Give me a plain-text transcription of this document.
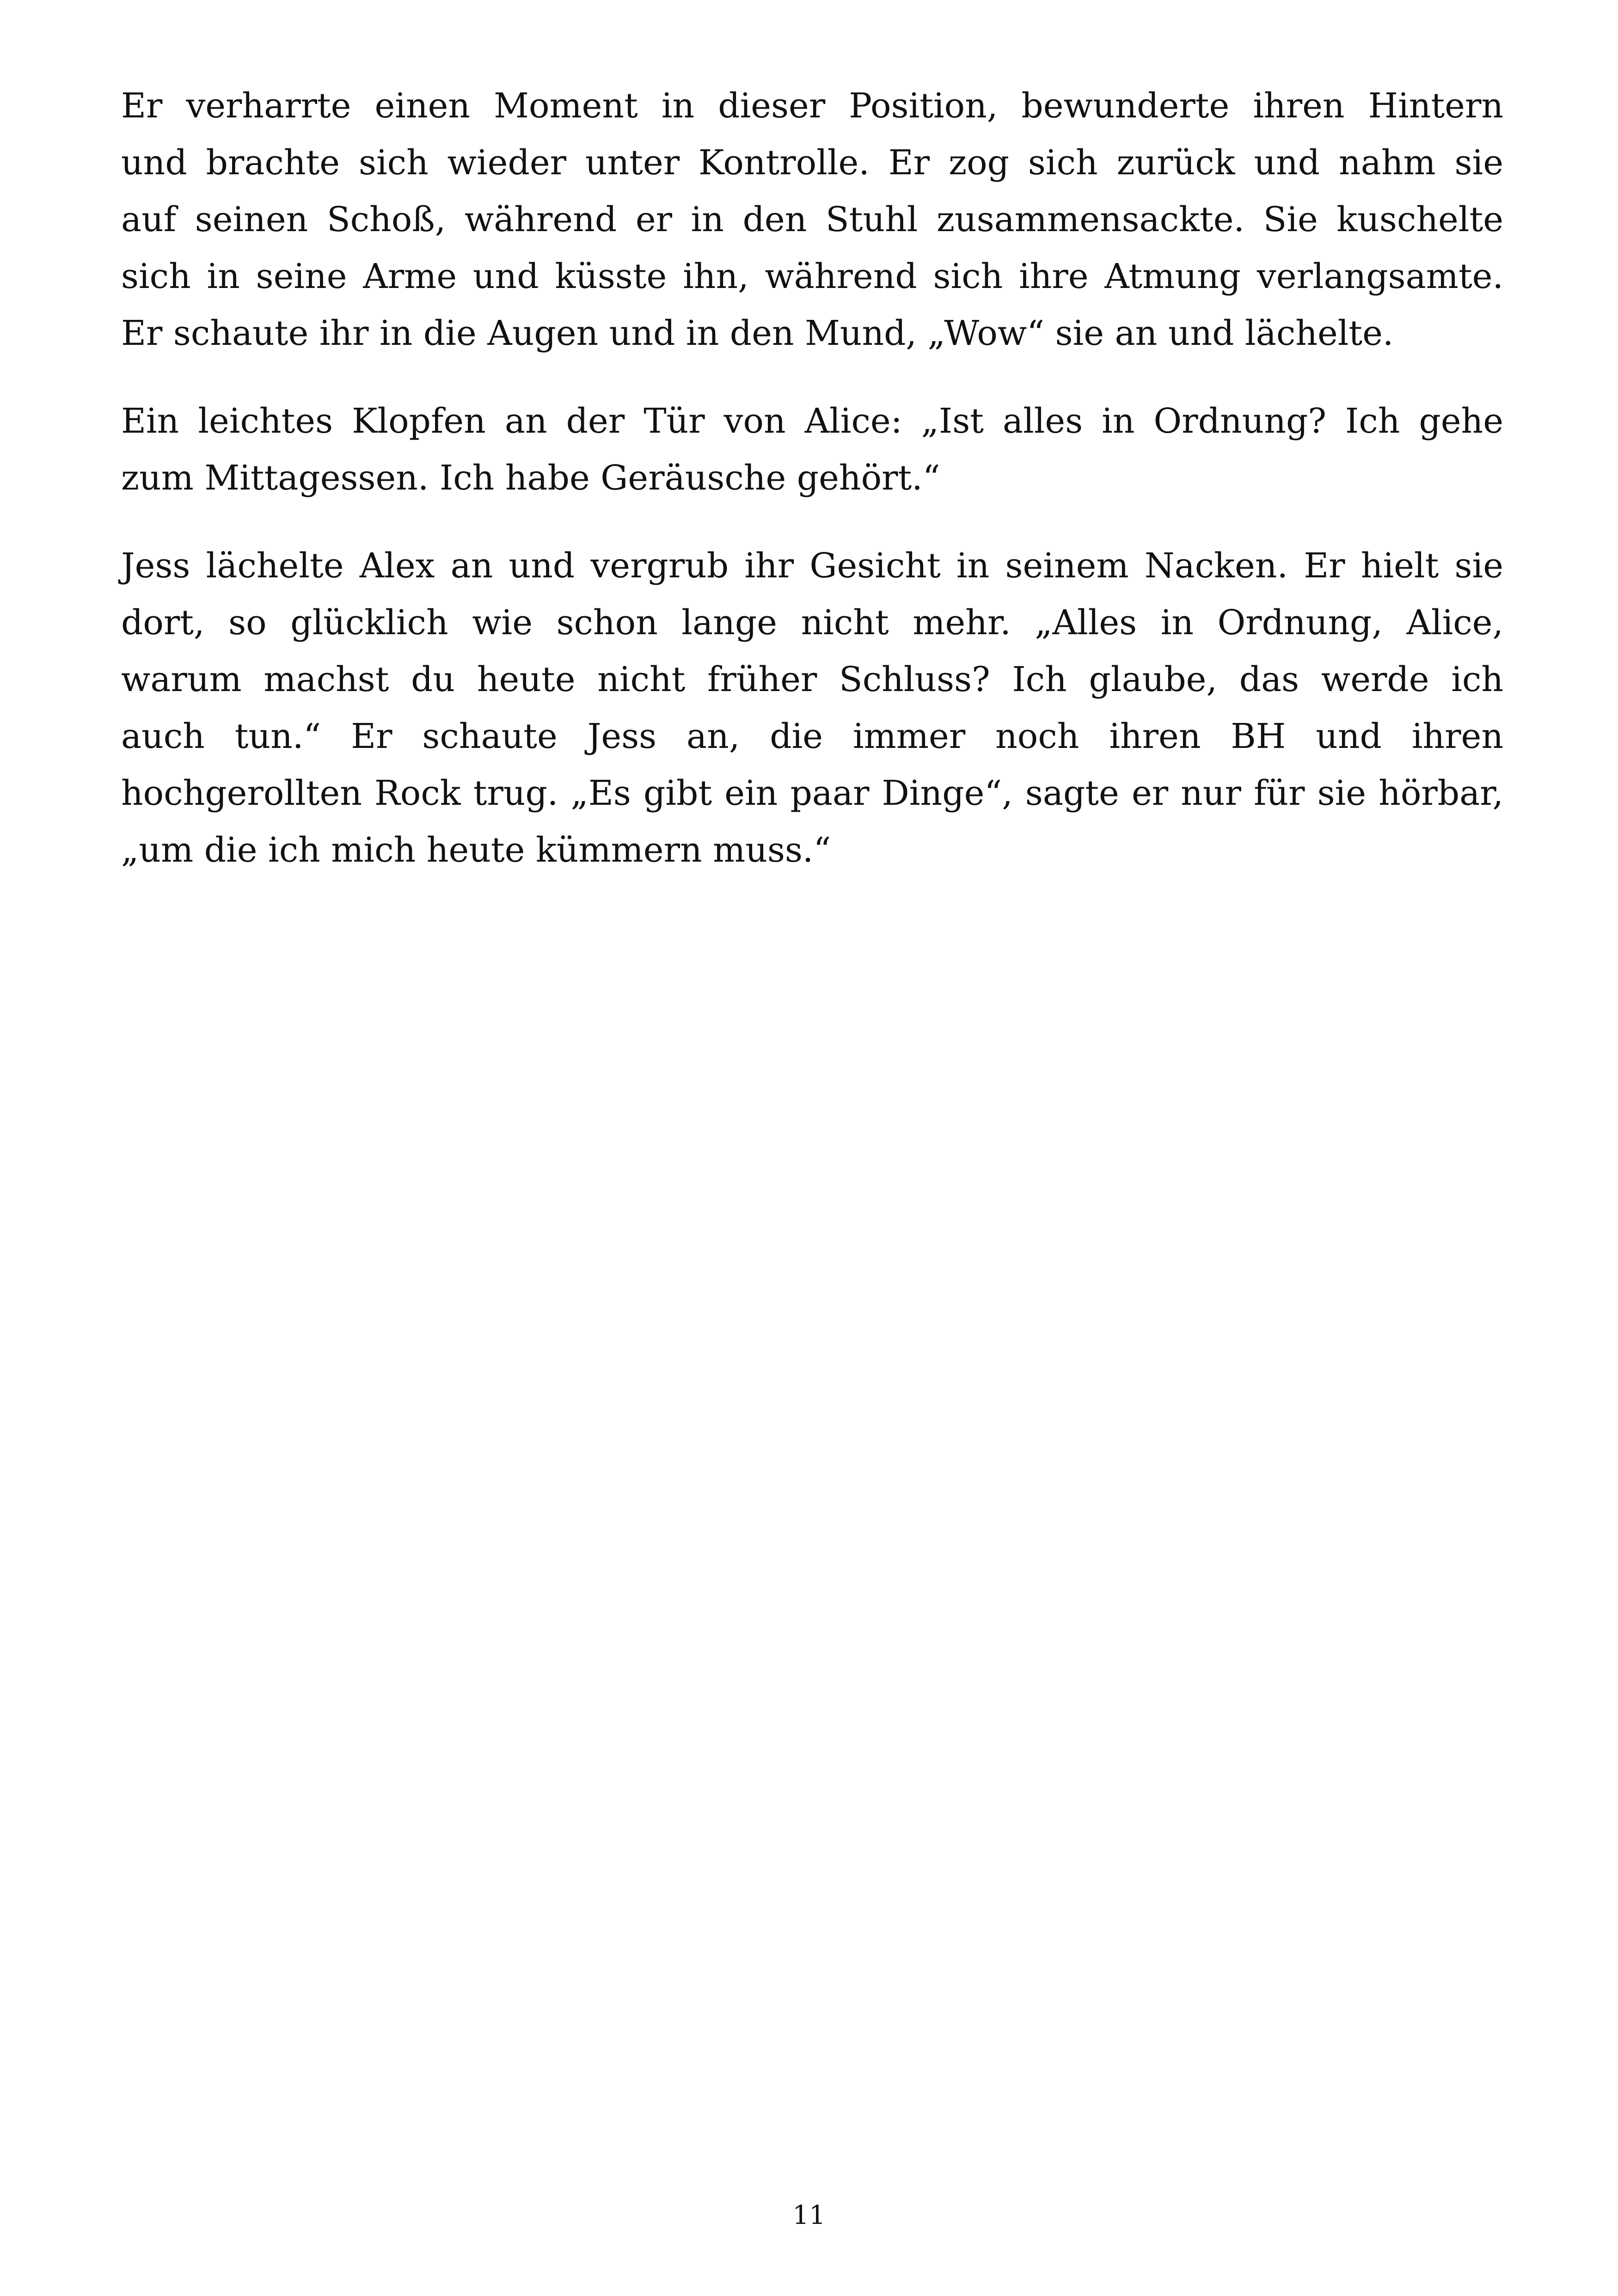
Er verharrte einen Moment in dieser Position, bewunderte ihren Hintern
und brachte sich wieder unter Kontrolle. Er zog sich zurück und nahm sie
auf seinen Schoß, während er in den Stuhl zusammensackte. Sie kuschelte
sich in seine Arme und küsste ihn, während sich ihre Atmung verlangsamte.
Er schaute ihr in die Augen und in den Mund, „Wow“ sie an und lächelte.

Ein leichtes Klopfen an der Tür von Alice: „Ist alles in Ordnung? Ich gehe
zum Mittagessen. Ich habe Geräusche gehört.“

Jess lächelte Alex an und vergrub ihr Gesicht in seinem Nacken. Er hielt sie
dort, so glücklich wie schon lange nicht mehr. „Alles in Ordnung, Alice,
warum machst du heute nicht früher Schluss? Ich glaube, das werde ich
auch tun.“ Er schaute Jess an, die immer noch ihren BH und ihren
hochgerollten Rock trug. „Es gibt ein paar Dinge“, sagte er nur für sie hörbar,
„um die ich mich heute kümmern muss.“

11
